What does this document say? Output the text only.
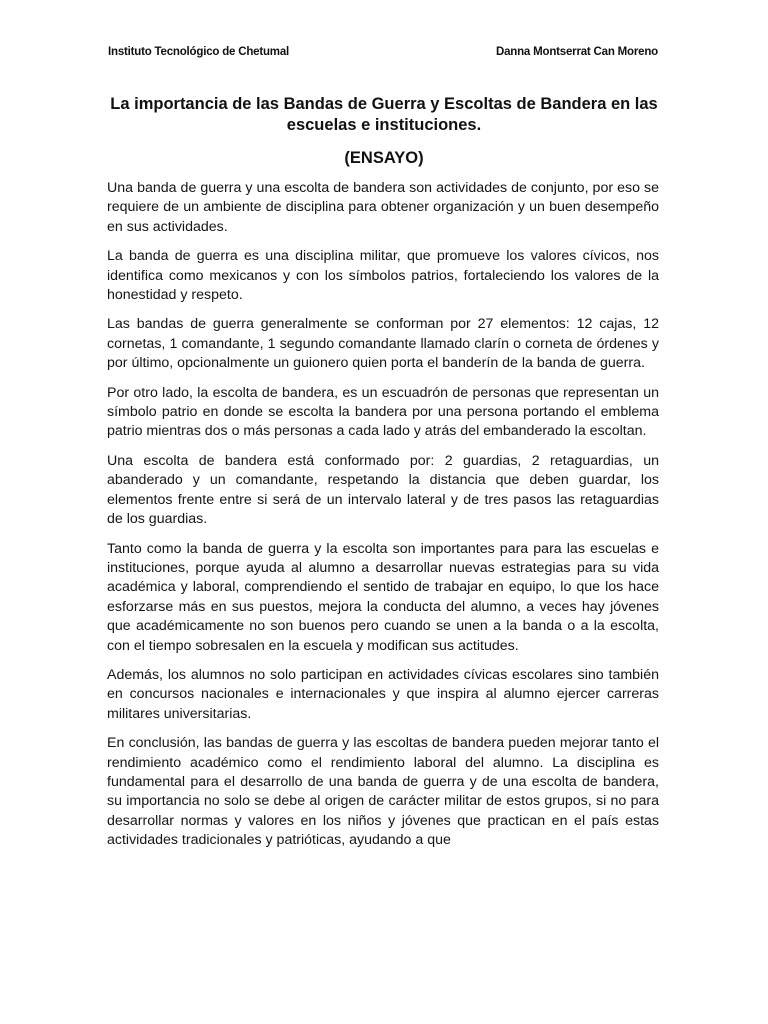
Instituto Tecnológico de Chetumal	Danna Montserrat Can Moreno
La importancia de las Bandas de Guerra y Escoltas de Bandera en las escuelas e instituciones.
(ENSAYO)

Una banda de guerra y una escolta de bandera son actividades de conjunto, por eso se requiere de un ambiente de disciplina para obtener organización y un buen desempeño en sus actividades.

La banda de guerra es una disciplina militar, que promueve los valores cívicos, nos identifica como mexicanos y con los símbolos patrios, fortaleciendo los valores de la honestidad y respeto.

Las bandas de guerra generalmente se conforman por 27 elementos: 12 cajas, 12 cornetas, 1 comandante, 1 segundo comandante llamado clarín o corneta de órdenes y por último, opcionalmente un guionero quien porta el banderín de la banda de guerra.

Por otro lado, la escolta de bandera, es un escuadrón de personas que representan un símbolo patrio en donde se escolta la bandera por una persona portando el emblema patrio mientras dos o más personas a cada lado y atrás del embanderado la escoltan.

Una escolta de bandera está conformado por: 2 guardias, 2 retaguardias, un abanderado y un comandante, respetando la distancia que deben guardar, los elementos frente entre si será de un intervalo lateral y de tres pasos las retaguardias de los guardias.

Tanto como la banda de guerra y la escolta son importantes para para las escuelas e instituciones, porque ayuda al alumno a desarrollar nuevas estrategias para su vida académica y laboral, comprendiendo el sentido de trabajar en equipo, lo que los hace esforzarse más en sus puestos, mejora la conducta del alumno, a veces hay jóvenes que académicamente no son buenos pero cuando se unen a la banda o a la escolta, con el tiempo sobresalen en la escuela y modifican sus actitudes.

Además, los alumnos no solo participan en actividades cívicas escolares sino también en concursos nacionales e internacionales y que inspira al alumno ejercer carreras militares universitarias.

En conclusión, las bandas de guerra y las escoltas de bandera pueden mejorar tanto el rendimiento académico como el rendimiento laboral del alumno. La disciplina es fundamental para el desarrollo de una banda de guerra y de una escolta de bandera, su importancia no solo se debe al origen de carácter militar de estos grupos, si no para desarrollar normas y valores en los niños y jóvenes que practican en el país estas actividades tradicionales y patrióticas, ayudando a que
